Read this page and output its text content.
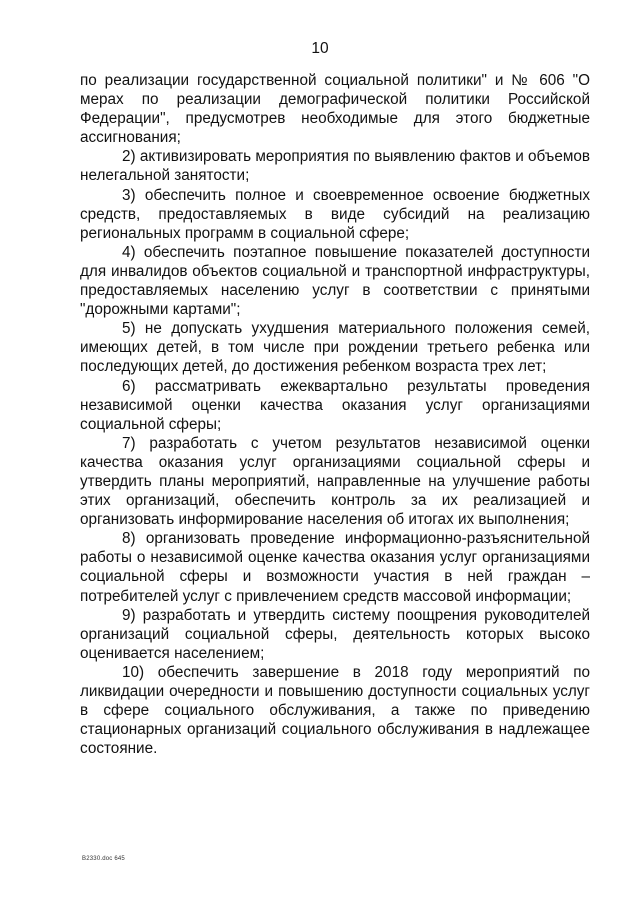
10

по реализации государственной социальной политики" и № 606 "О мерах по реализации демографической политики Российской Федерации", предусмотрев необходимые для этого бюджетные ассигнования;

2) активизировать мероприятия по выявлению фактов и объемов нелегальной занятости;

3) обеспечить полное и своевременное освоение бюджетных средств, предоставляемых в виде субсидий на реализацию региональных программ в социальной сфере;

4) обеспечить поэтапное повышение показателей доступности для инвалидов объектов социальной и транспортной инфраструктуры, предоставляемых населению услуг в соответствии с принятыми "дорожными картами";

5) не допускать ухудшения материального положения семей, имеющих детей, в том числе при рождении третьего ребенка или последующих детей, до достижения ребенком возраста трех лет;

6) рассматривать ежеквартально результаты проведения независимой оценки качества оказания услуг организациями социальной сферы;

7) разработать с учетом результатов независимой оценки качества оказания услуг организациями социальной сферы и утвердить планы мероприятий, направленные на улучшение работы этих организаций, обеспечить контроль за их реализацией и организовать информирование населения об итогах их выполнения;

8) организовать проведение информационно-разъяснительной работы о независимой оценке качества оказания услуг организациями социальной сферы и возможности участия в ней граждан – потребителей услуг с привлечением средств массовой информации;

9) разработать и утвердить систему поощрения руководителей организаций социальной сферы, деятельность которых высоко оценивается населением;

10) обеспечить завершение в 2018 году мероприятий по ликвидации очередности и повышению доступности социальных услуг в сфере социального обслуживания, а также по приведению стационарных организаций социального обслуживания в надлежащее состояние.

B2330.doc 645
